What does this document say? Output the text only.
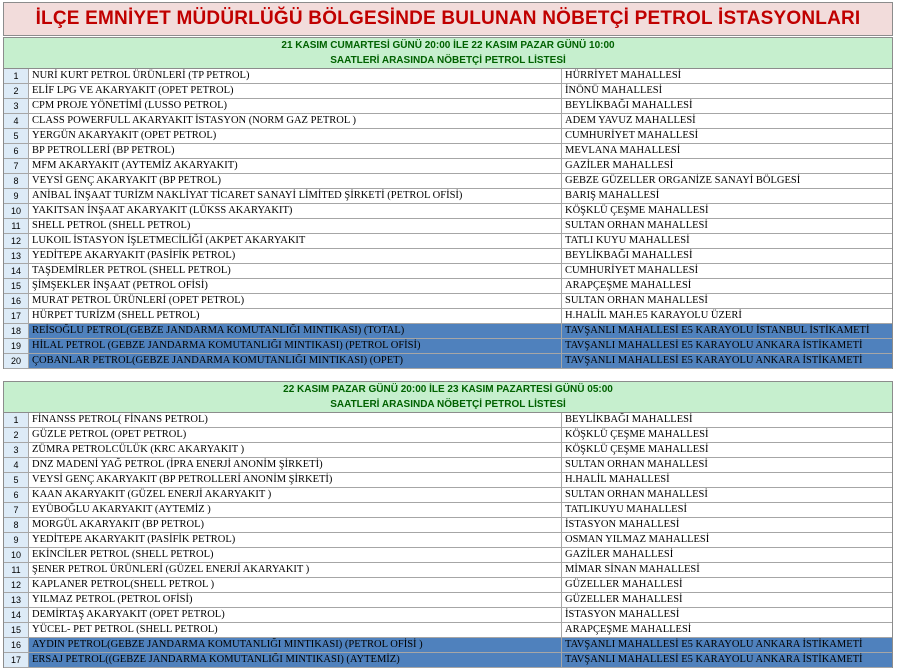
İLÇE EMNİYET MÜDÜRLÜĞÜ BÖLGESİNDE BULUNAN NÖBETÇİ PETROL İSTASYONLARI
21 KASIM CUMARTESİ GÜNÜ 20:00 İLE 22 KASIM PAZAR GÜNÜ 10:00
SAATLERİ ARASINDA NÖBETÇİ PETROL LİSTESİ
1	NURİ KURT PETROL ÜRÜNLERİ (TP PETROL)	HÜRRİYET MAHALLESİ
2	ELİF LPG VE AKARYAKIT (OPET PETROL)	İNÖNÜ MAHALLESİ
3	CPM PROJE YÖNETİMİ (LUSSO PETROL)	BEYLİKBAĞI MAHALLESİ
4	CLASS POWERFULL AKARYAKIT İSTASYON (NORM GAZ PETROL )	ADEM YAVUZ MAHALLESİ
5	YERGÜN AKARYAKIT (OPET PETROL)	CUMHURİYET MAHALLESİ
6	BP PETROLLERİ (BP PETROL)	MEVLANA MAHALLESİ
7	MFM AKARYAKIT (AYTEMİZ AKARYAKIT)	GAZİLER MAHALLESİ
8	VEYSİ GENÇ AKARYAKIT (BP PETROL)	GEBZE GÜZELLER ORGANİZE SANAYİ BÖLGESİ
9	ANİBAL İNŞAAT TURİZM NAKLİYAT TİCARET SANAYİ LİMİTED ŞİRKETİ (PETROL OFİSİ)	BARIŞ MAHALLESİ
10	YAKITSAN İNŞAAT AKARYAKIT (LÜKSS AKARYAKIT)	KÖŞKLÜ ÇEŞME MAHALLESİ
11	SHELL PETROL (SHELL PETROL)	SULTAN ORHAN MAHALLESİ
12	LUKOIL İSTASYON İŞLETMECİLİĞİ (AKPET AKARYAKIT	TATLI KUYU MAHALLESİ
13	YEDİTEPE AKARYAKIT (PASİFİK PETROL)	BEYLİKBAĞI MAHALLESİ
14	TAŞDEMİRLER PETROL (SHELL PETROL)	CUMHURİYET MAHALLESİ
15	ŞİMŞEKLER İNŞAAT (PETROL OFİSİ)	ARAPÇEŞME MAHALLESİ
16	MURAT PETROL ÜRÜNLERİ (OPET PETROL)	SULTAN ORHAN MAHALLESİ
17	HÜRPET TURİZM (SHELL PETROL)	H.HALİL MAH.E5 KARAYOLU ÜZERİ
18	REİSOĞLU PETROL(GEBZE JANDARMA KOMUTANLIĞI MINTIKASI) (TOTAL)	TAVŞANLI MAHALLESİ E5 KARAYOLU İSTANBUL İSTİKAMETİ
19	HİLAL PETROL (GEBZE JANDARMA KOMUTANLIĞI MINTIKASI) (PETROL OFİSİ)	TAVŞANLI MAHALLESİ E5 KARAYOLU ANKARA İSTİKAMETİ
20	ÇOBANLAR PETROL(GEBZE JANDARMA KOMUTANLIĞI MINTIKASI) (OPET)	TAVŞANLI MAHALLESİ E5 KARAYOLU ANKARA İSTİKAMETİ
22 KASIM PAZAR GÜNÜ 20:00 İLE 23 KASIM PAZARTESİ GÜNÜ 05:00
SAATLERİ ARASINDA NÖBETÇİ PETROL LİSTESİ
1	FİNANSS PETROL( FİNANS PETROL)	BEYLİKBAĞI MAHALLESİ
2	GÜZLE PETROL (OPET PETROL)	KÖŞKLÜ ÇEŞME MAHALLESİ
3	ZÜMRA PETROLCÜLÜK (KRC AKARYAKIT )	KÖŞKLÜ ÇEŞME MAHALLESİ
4	DNZ MADENİ YAĞ PETROL (İPRA ENERJİ ANONİM ŞİRKETİ)	SULTAN ORHAN MAHALLESİ
5	VEYSİ GENÇ AKARYAKIT (BP PETROLLERİ ANONİM ŞİRKETİ)	H.HALİL MAHALLESİ
6	KAAN AKARYAKIT (GÜZEL ENERJİ AKARYAKIT )	SULTAN ORHAN MAHALLESİ
7	EYÜBOĞLU AKARYAKIT (AYTEMİZ )	TATLIKUYU MAHALLESİ
8	MORGÜL AKARYAKIT (BP PETROL)	İSTASYON MAHALLESİ
9	YEDİTEPE AKARYAKIT (PASİFİK PETROL)	OSMAN YILMAZ MAHALLESİ
10	EKİNCİLER PETROL (SHELL PETROL)	GAZİLER MAHALLESİ
11	ŞENER PETROL ÜRÜNLERİ (GÜZEL ENERJİ AKARYAKIT )	MİMAR SİNAN MAHALLESİ
12	KAPLANER PETROL(SHELL PETROL )	GÜZELLER MAHALLESİ
13	YILMAZ PETROL (PETROL OFİSİ)	GÜZELLER MAHALLESİ
14	DEMİRTAŞ AKARYAKIT (OPET PETROL)	İSTASYON MAHALLESİ
15	YÜCEL- PET PETROL (SHELL PETROL)	ARAPÇEŞME MAHALLESİ
16	AYDIN PETROL(GEBZE JANDARMA KOMUTANLIĞI MINTIKASI) (PETROL OFİSİ )	TAVŞANLI MAHALLESİ E5 KARAYOLU ANKARA İSTİKAMETİ
17	ERSAJ PETROL((GEBZE JANDARMA KOMUTANLIĞI MINTIKASI) (AYTEMİZ)	TAVŞANLI MAHALLESİ E5 KARAYOLU ANKARA İSTİKAMETİ
